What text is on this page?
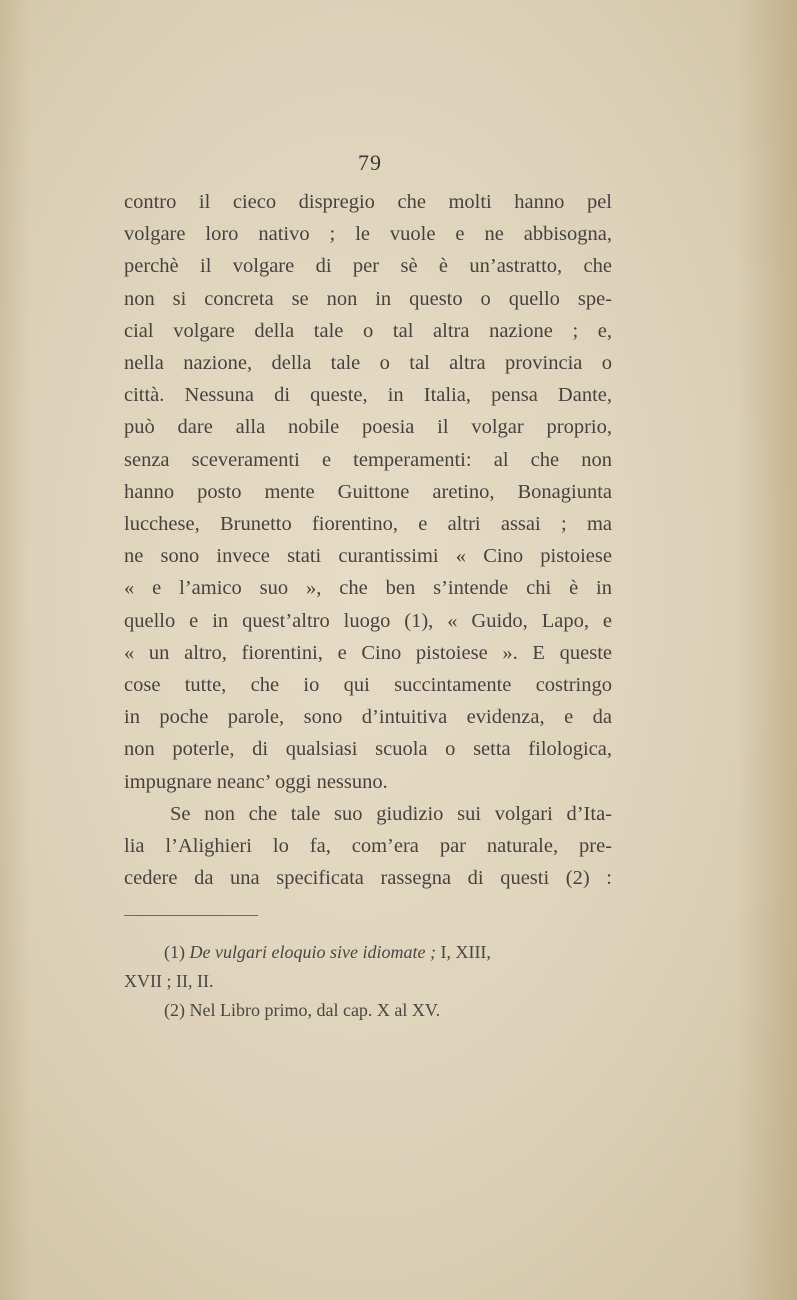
79
contro il cieco dispregio che molti hanno pel
volgare loro nativo ; le vuole e ne abbisogna,
perchè il volgare di per sè è un’astratto, che
non si concreta se non in questo o quello spe-
cial volgare della tale o tal altra nazione ; e,
nella nazione, della tale o tal altra provincia o
città. Nessuna di queste, in Italia, pensa Dante,
può dare alla nobile poesia il volgar proprio,
senza sceveramenti e temperamenti: al che non
hanno posto mente Guittone aretino, Bonagiunta
lucchese, Brunetto fiorentino, e altri assai ; ma
ne sono invece stati curantissimi « Cino pistoiese
« e l’amico suo », che ben s’intende chi è in
quello e in quest’altro luogo (1), « Guido, Lapo, e
« un altro, fiorentini, e Cino pistoiese ». E queste
cose tutte, che io qui succintamente costringo
in poche parole, sono d’intuitiva evidenza, e da
non poterle, di qualsiasi scuola o setta filologica,
impugnare neanc’ oggi nessuno.
Se non che tale suo giudizio sui volgari d’Ita-
lia l’Alighieri lo fa, com’era par naturale, pre-
cedere da una specificata rassegna di questi (2) :
(1) De vulgari eloquio sive idiomate ; I, XIII,
XVII ; II, II.
(2) Nel Libro primo, dal cap. X al XV.
